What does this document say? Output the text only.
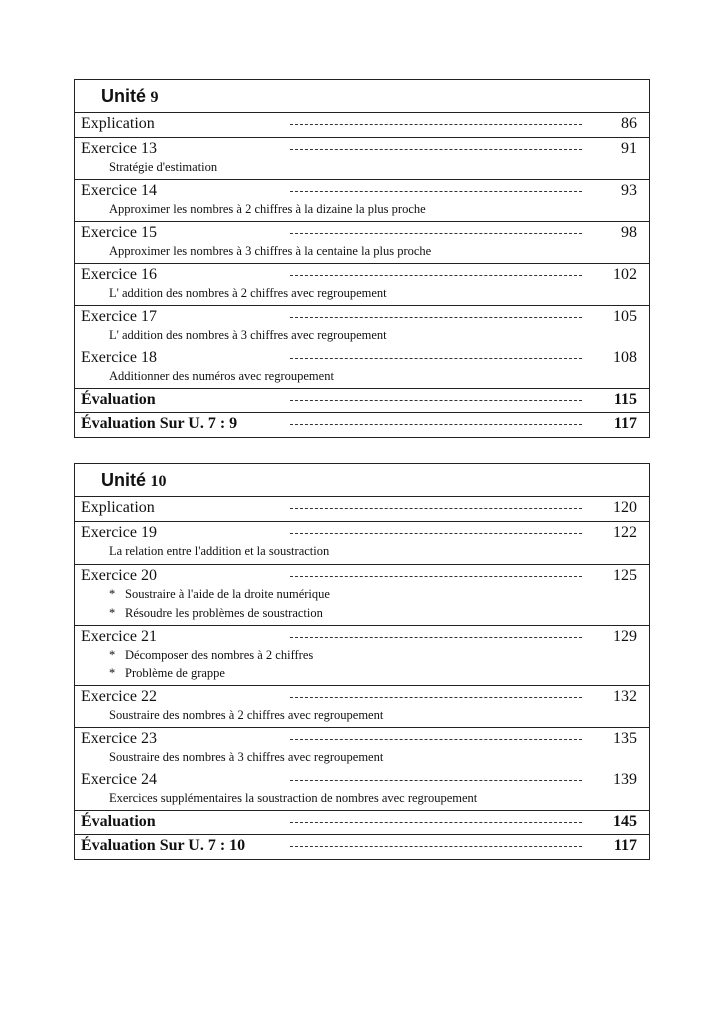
Unité 9
Explication	86
Exercice 13	91
Stratégie d'estimation
Exercice 14	93
Approximer les nombres à 2 chiffres à la dizaine la plus proche
Exercice 15	98
Approximer les nombres à 3 chiffres à la centaine la plus proche
Exercice 16	102
L' addition des nombres à 2 chiffres avec regroupement
Exercice 17	105
L' addition des nombres à 3 chiffres avec regroupement
Exercice 18	108
Additionner des numéros avec regroupement
Évaluation	115
Évaluation Sur U. 7 : 9	117
Unité 10
Explication	120
Exercice 19	122
La relation entre l'addition et la soustraction
Exercice 20	125
* Soustraire à l'aide de la droite numérique
* Résoudre les problèmes de soustraction
Exercice 21	129
* Décomposer des nombres à 2 chiffres
* Problème de grappe
Exercice 22	132
Soustraire des nombres à 2 chiffres avec regroupement
Exercice 23	135
Soustraire des nombres à 3 chiffres avec regroupement
Exercice 24	139
Exercices supplémentaires la soustraction de nombres avec regroupement
Évaluation	145
Évaluation Sur U. 7 : 10	117
